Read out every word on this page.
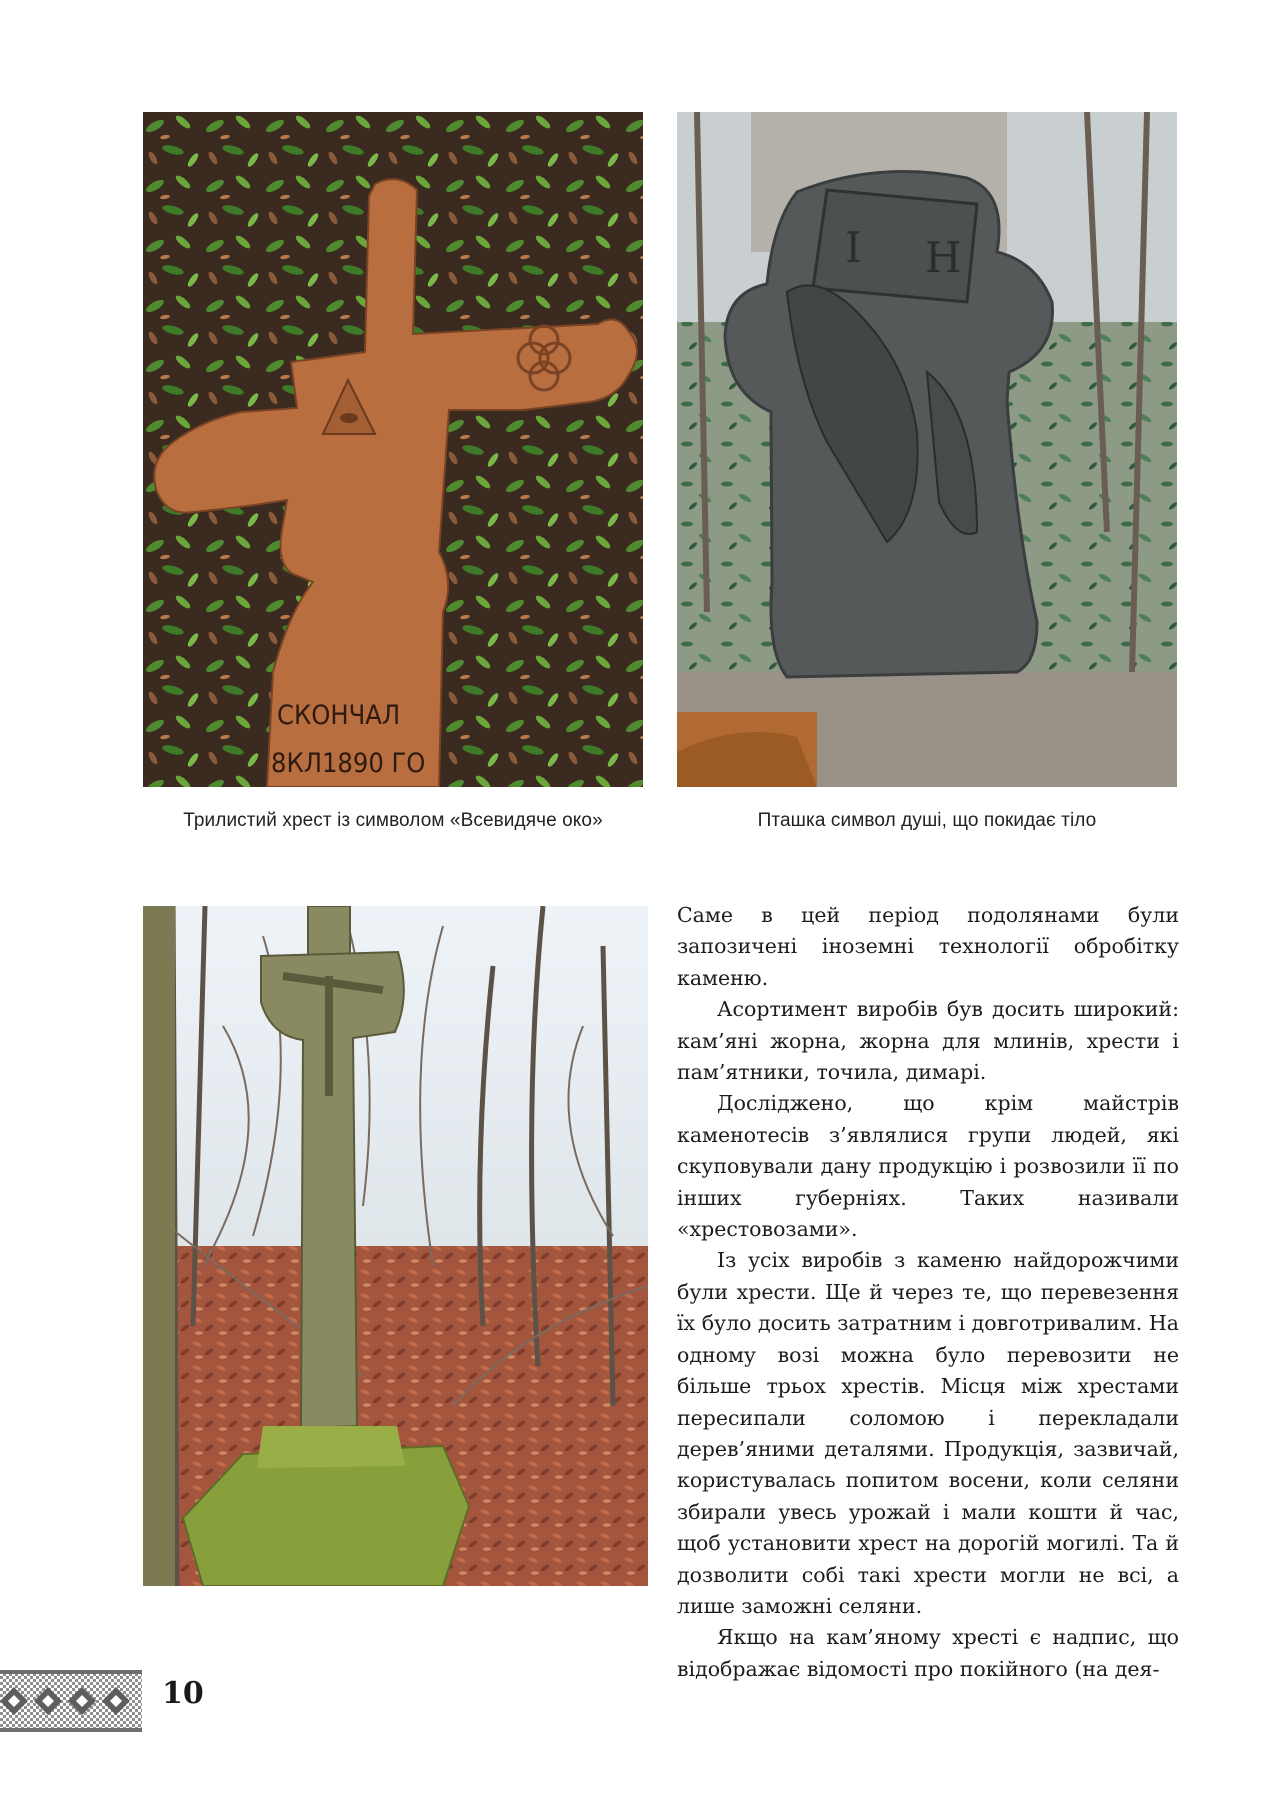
СКОНЧАЛ
8КЛ1890 ГО
І Н
Трилистий хрест із символом «Всевидяче око»	Пташка символ душі, що покидає тіло

Саме в цей період подолянами були запозичені іноземні технології обробітку каменю.

Асортимент виробів був досить широкий: кам’яні жорна, жорна для млинів, хрести і пам’ятники, точила, димарі.

Досліджено, що крім майстрів каменотесів з’являлися групи людей, які скуповували дану продукцію і розвозили її по інших губерніях. Таких називали «хрестовозами».

Із усіх виробів з каменю найдорожчими були хрести. Ще й через те, що перевезення їх було досить затратним і довготривалим. На одному возі можна було перевозити не більше трьох хрестів. Місця між хрестами пересипали соломою і перекладали дерев’яними деталями. Продукція, зазвичай, користувалась попитом восени, коли селяни збирали увесь урожай і мали кошти й час, щоб установити хрест на дорогій могилі. Та й дозволити собі такі хрести могли не всі, а лише заможні селяни.

Якщо на кам’яному хресті є надпис, що відображає відомості про покійного (на дея-

10
